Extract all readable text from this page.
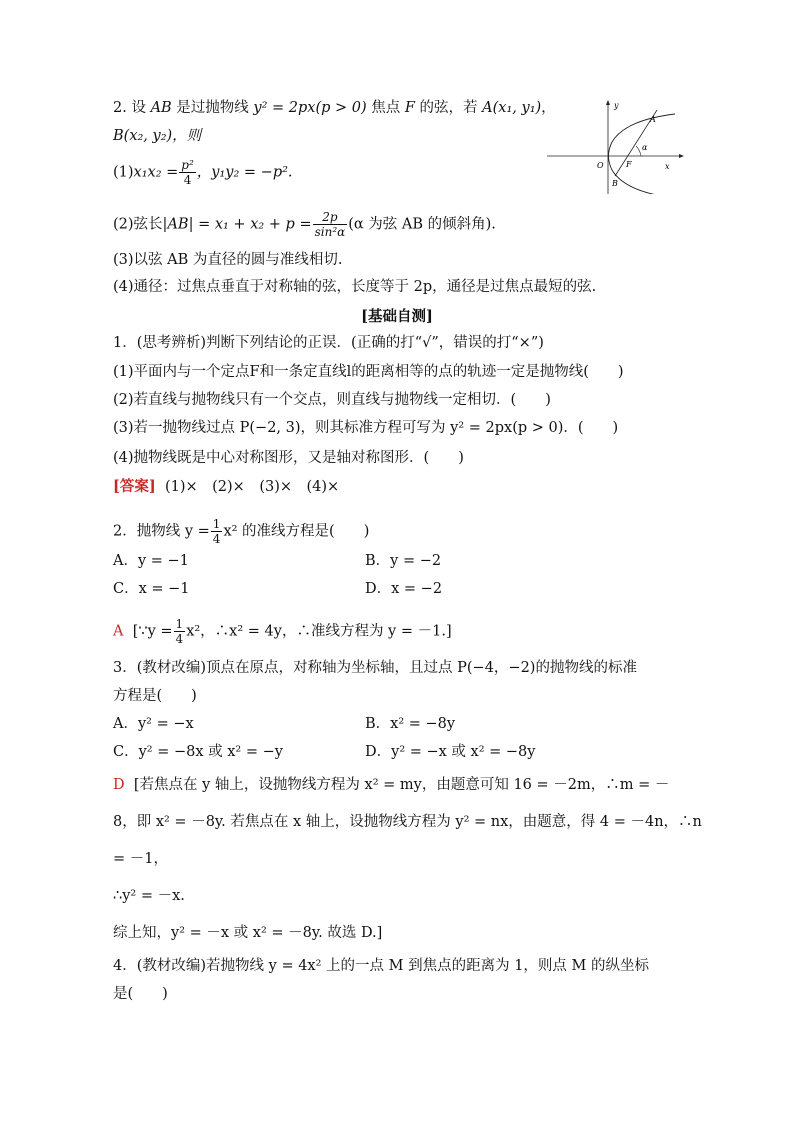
y
x
O
A
B
F
α
2. 设 AB 是过抛物线 y² = 2px(p > 0) 焦点 F 的弦，若 A(x₁, y₁)，
B(x₂, y₂)，则
$(1)x_1x_2 = \frac{\text{p²}}{4}$ ，y₁y₂ = −p².
(2)弦长$|AB| = x_1 + x_2 + p = \frac{2p}{\text{sin²α}} (\alpha$ 为弦 AB 的倾斜角).
(3)以弦 AB 为直径的圆与准线相切.
(4)通径：过焦点垂直于对称轴的弦，长度等于 2p，通径是过焦点最短的弦.
[基础自测]
1．(思考辨析)判断下列结论的正误．(正确的打“√”，错误的打“×”)
(1)平面内与一个定点F和一条定直线l的距离相等的点的轨迹一定是抛物线(　　)
(2)若直线与抛物线只有一个交点，则直线与抛物线一定相切．(　　)
(3)若一抛物线过点 P(−2, 3)，则其标准方程可写为 y² = 2px(p > 0)．(　　)
(4)抛物线既是中心对称图形，又是轴对称图形．(　　)
[答案] (1)×　(2)×　(3)×　(4)×
2．抛物线 $y = \frac{1}{4} x^2$ 的准线方程是(　　)
A．y = −1	B．y = −2
C．x = −1	D．x = −2
A [∵y = $\frac{1}{4} x^2$，∴x² = 4y，∴准线方程为 y = －1.]
3．(教材改编)顶点在原点，对称轴为坐标轴，且过点 P(−4，−2)的抛物线的标准
方程是(　　)
A．y² = −x	B．x² = −8y
C．y² = −8x 或 x² = −y	D．y² = −x 或 x² = −8y
D [若焦点在 y 轴上，设抛物线方程为 x² = my，由题意可知 16 = －2m，∴m = －
8，即 x² = －8y. 若焦点在 x 轴上，设抛物线方程为 y² = nx，由题意，得 4 = －4n，∴n
= －1，
∴y² = －x.
综上知，y² = －x 或 x² = －8y. 故选 D.]
4．(教材改编)若抛物线 y = 4x² 上的一点 M 到焦点的距离为 1，则点 M 的纵坐标
是(　　)
